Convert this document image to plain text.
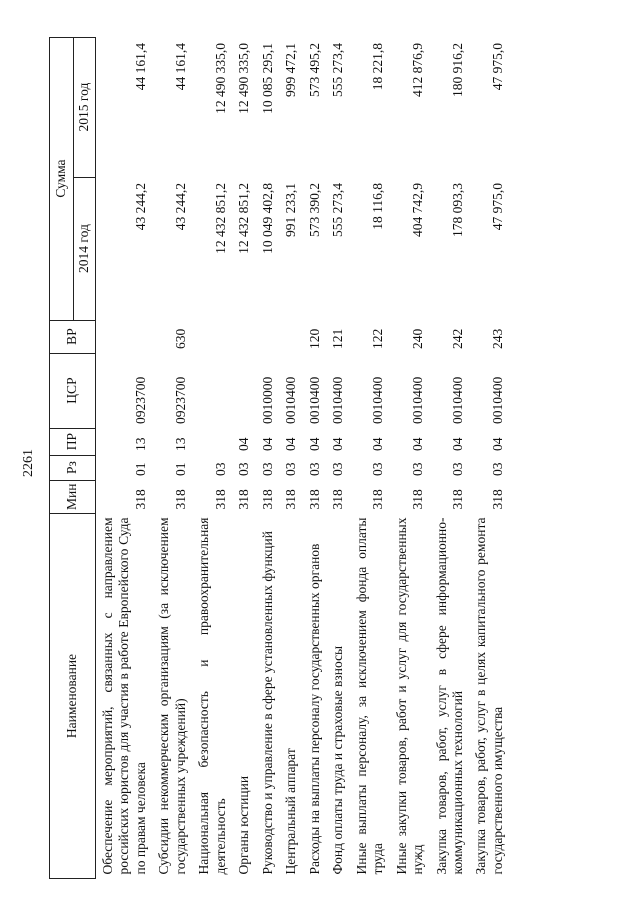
2261
Наименование	Мин	Рз	ПР	ЦСР	ВР	Сумма	
						2014 год	2015 год
Обеспечение мероприятий, связанных с направлением российских юристов для участия в работе Европейского Суда по правам человека	318	01	13	0923700		43 244,2	44 161,4
Субсидии некоммерческим организациям (за исключением государственных учреждений)	318	01	13	0923700	630	43 244,2	44 161,4
Национальная безопасность и правоохранительная деятельность	318	03				12 432 851,2	12 490 335,0
Органы юстиции	318	03	04			12 432 851,2	12 490 335,0
Руководство и управление в сфере установленных функций	318	03	04	0010000		10 049 402,8	10 085 295,1
Центральный аппарат	318	03	04	0010400		991 233,1	999 472,1
Расходы на выплаты персоналу государственных органов	318	03	04	0010400	120	573 390,2	573 495,2
Фонд оплаты труда и страховые взносы	318	03	04	0010400	121	555 273,4	555 273,4
Иные выплаты персоналу, за исключением фонда оплаты труда	318	03	04	0010400	122	18 116,8	18 221,8
Иные закупки товаров, работ и услуг для государственных нужд	318	03	04	0010400	240	404 742,9	412 876,9
Закупка товаров, работ, услуг в сфере информационно-коммуникационных технологий	318	03	04	0010400	242	178 093,3	180 916,2
Закупка товаров, работ, услуг в целях капитального ремонта государственного имущества	318	03	04	0010400	243	47 975,0	47 975,0
